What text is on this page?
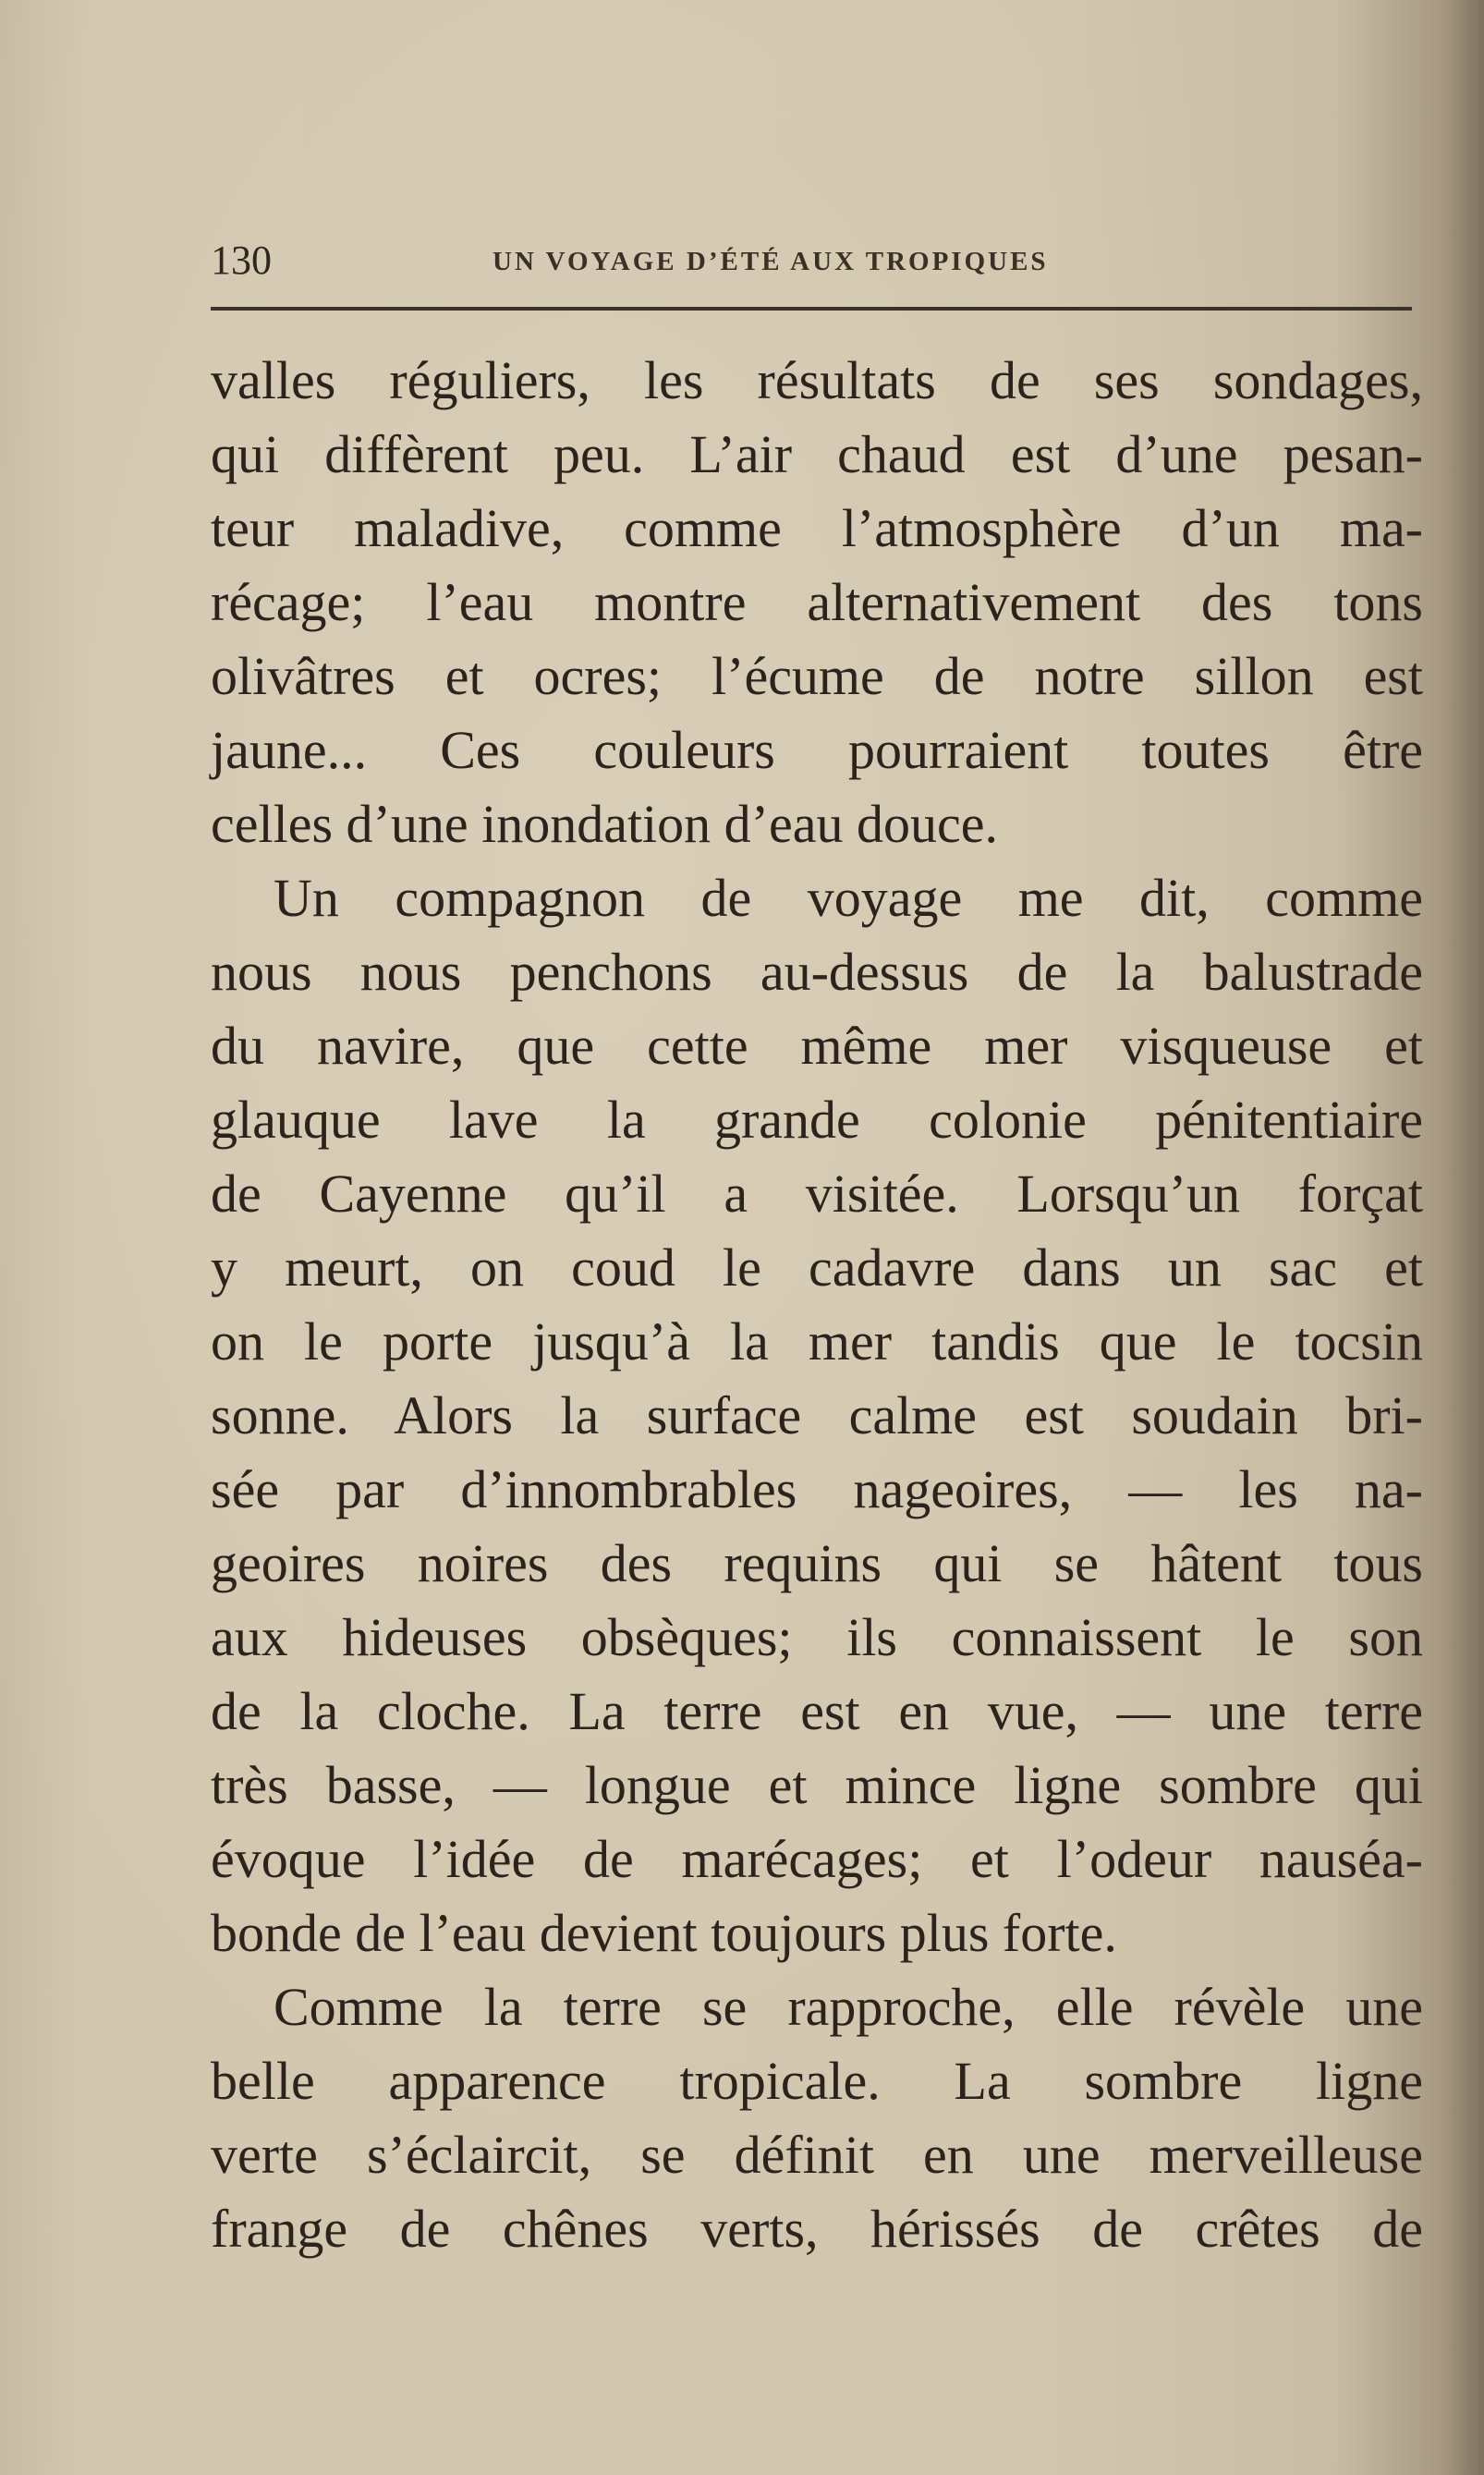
130	UN VOYAGE D’ÉTÉ AUX TROPIQUES
valles réguliers, les résultats de ses sondages,
qui diffèrent peu. L’air chaud est d’une pesan-
teur maladive, comme l’atmosphère d’un ma-
récage; l’eau montre alternativement des tons
olivâtres et ocres; l’écume de notre sillon est
jaune... Ces couleurs pourraient toutes être
celles d’une inondation d’eau douce.
Un compagnon de voyage me dit, comme
nous nous penchons au-dessus de la balustrade
du navire, que cette même mer visqueuse et
glauque lave la grande colonie pénitentiaire
de Cayenne qu’il a visitée. Lorsqu’un forçat
y meurt, on coud le cadavre dans un sac et
on le porte jusqu’à la mer tandis que le tocsin
sonne. Alors la surface calme est soudain bri-
sée par d’innombrables nageoires, — les na-
geoires noires des requins qui se hâtent tous
aux hideuses obsèques; ils connaissent le son
de la cloche. La terre est en vue, — une terre
très basse, — longue et mince ligne sombre qui
évoque l’idée de marécages; et l’odeur nauséa-
bonde de l’eau devient toujours plus forte.
Comme la terre se rapproche, elle révèle une
belle apparence tropicale. La sombre ligne
verte s’éclaircit, se définit en une merveilleuse
frange de chênes verts, hérissés de crêtes de
